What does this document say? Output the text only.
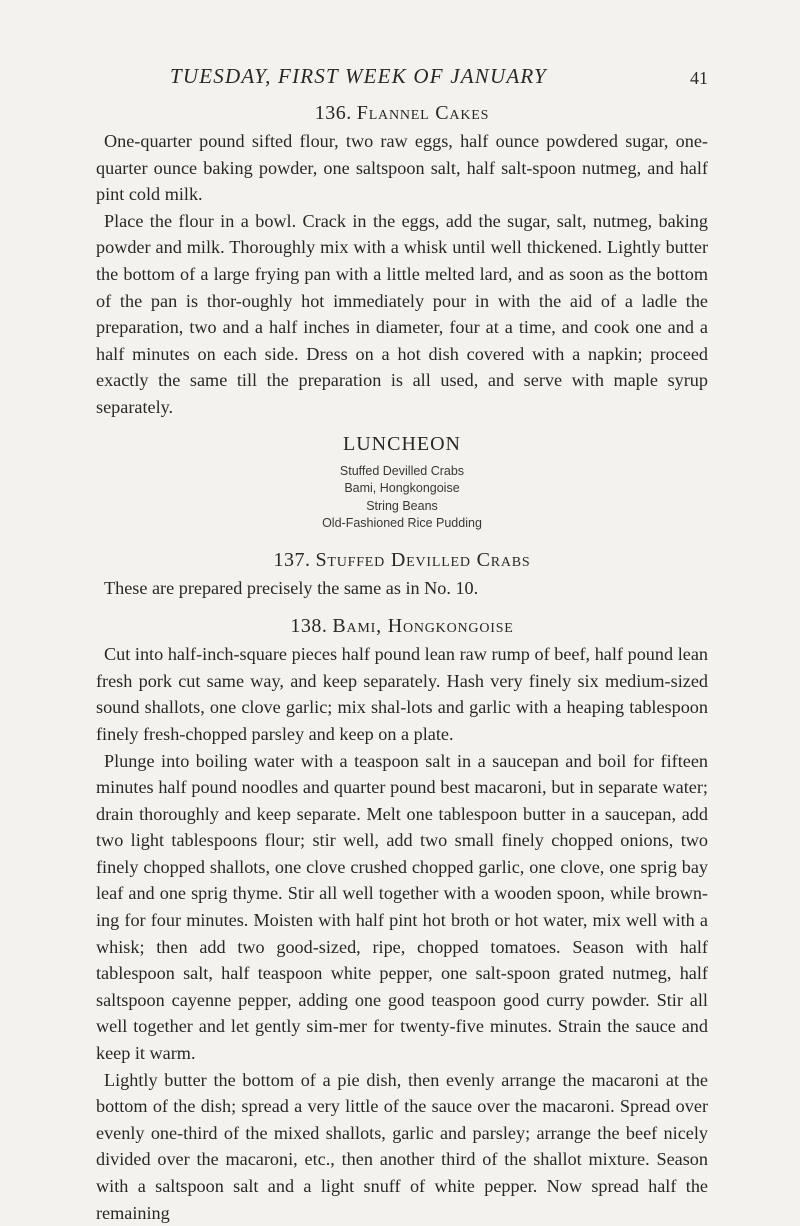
TUESDAY, FIRST WEEK OF JANUARY	41
136. Flannel Cakes

One-quarter pound sifted flour, two raw eggs, half ounce powdered sugar, one-quarter ounce baking powder, one saltspoon salt, half salt-spoon nutmeg, and half pint cold milk.

Place the flour in a bowl. Crack in the eggs, add the sugar, salt, nutmeg, baking powder and milk. Thoroughly mix with a whisk until well thickened. Lightly butter the bottom of a large frying pan with a little melted lard, and as soon as the bottom of the pan is thor-oughly hot immediately pour in with the aid of a ladle the preparation, two and a half inches in diameter, four at a time, and cook one and a half minutes on each side. Dress on a hot dish covered with a napkin; proceed exactly the same till the preparation is all used, and serve with maple syrup separately.

LUNCHEON
Stuffed Devilled Crabs
Bami, Hongkongoise
String Beans
Old-Fashioned Rice Pudding
137. Stuffed Devilled Crabs

These are prepared precisely the same as in No. 10.

138. Bami, Hongkongoise

Cut into half-inch-square pieces half pound lean raw rump of beef, half pound lean fresh pork cut same way, and keep separately. Hash very finely six medium-sized sound shallots, one clove garlic; mix shal-lots and garlic with a heaping tablespoon finely fresh-chopped parsley and keep on a plate.

Plunge into boiling water with a teaspoon salt in a saucepan and boil for fifteen minutes half pound noodles and quarter pound best macaroni, but in separate water; drain thoroughly and keep separate. Melt one tablespoon butter in a saucepan, add two light tablespoons flour; stir well, add two small finely chopped onions, two finely chopped shallots, one clove crushed chopped garlic, one clove, one sprig bay leaf and one sprig thyme. Stir all well together with a wooden spoon, while brown-ing for four minutes. Moisten with half pint hot broth or hot water, mix well with a whisk; then add two good-sized, ripe, chopped tomatoes. Season with half tablespoon salt, half teaspoon white pepper, one salt-spoon grated nutmeg, half saltspoon cayenne pepper, adding one good teaspoon good curry powder. Stir all well together and let gently sim-mer for twenty-five minutes. Strain the sauce and keep it warm.

Lightly butter the bottom of a pie dish, then evenly arrange the macaroni at the bottom of the dish; spread a very little of the sauce over the macaroni. Spread over evenly one-third of the mixed shallots, garlic and parsley; arrange the beef nicely divided over the macaroni, etc., then another third of the shallot mixture. Season with a saltspoon salt and a light snuff of white pepper. Now spread half the remaining
